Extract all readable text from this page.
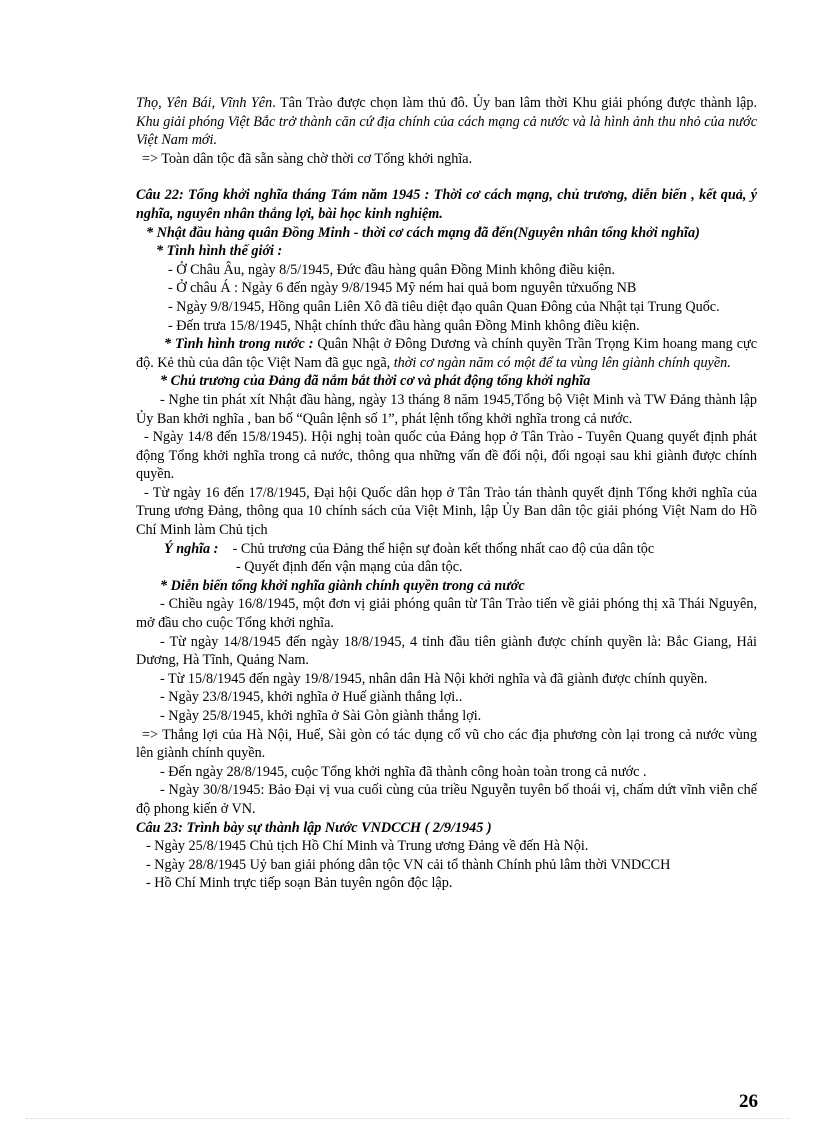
Thọ, Yên Bái, Vĩnh Yên. Tân Trào được chọn làm thủ đô. Ủy ban lâm thời Khu giải phóng được thành lập. Khu giải phóng Việt Bắc trở thành căn cứ địa chính của cách mạng cả nước và là hình ảnh thu nhỏ của nước Việt Nam mới.

=> Toàn dân tộc đã sẵn sàng chờ thời cơ Tổng khởi nghĩa.

Câu 22: Tổng khởi nghĩa tháng Tám năm 1945 : Thời cơ cách mạng, chủ trương, diễn biến , kết quả, ý nghĩa, nguyên nhân thắng lợi, bài học kinh nghiệm.

* Nhật đầu hàng quân Đồng Minh - thời cơ cách mạng đã đến(Nguyên nhân tổng khởi nghĩa)

* Tình hình thế giới :

- Ở Châu Âu, ngày 8/5/1945, Đức đầu hàng quân Đồng Minh không điều kiện.

- Ở châu Á : Ngày 6 đến ngày 9/8/1945 Mỹ ném hai quả bom nguyên tửxuống NB

- Ngày 9/8/1945, Hồng quân Liên Xô đã tiêu diệt đạo quân Quan Đông của Nhật tại Trung Quốc.

- Đến trưa 15/8/1945, Nhật chính thức đầu hàng quân Đồng Minh không điều kiện.

* Tình hình trong nước : Quân Nhật ở Đông Dương và chính quyền Trần Trọng Kim hoang mang cực độ. Kẻ thù của dân tộc Việt Nam đã gục ngã, thời cơ ngàn năm có một để ta vùng lên giành chính quyền.

* Chủ trương của Đảng đã nắm bắt thời cơ và phát động tổng khởi nghĩa

- Nghe tin phát xít Nhật đầu hàng, ngày 13 tháng 8 năm 1945,Tổng bộ Việt Minh và TW Đảng thành lập Ủy Ban khởi nghĩa , ban bố “Quân lệnh số 1”, phát lệnh tổng khởi nghĩa trong cả nước.

- Ngày 14/8 đến 15/8/1945). Hội nghị toàn quốc của Đảng họp ở Tân Trào - Tuyên Quang quyết định phát động Tổng khởi nghĩa trong cả nước, thông qua những vấn đề đối nội, đối ngoại sau khi giành được chính quyền.

- Từ ngày 16 đến 17/8/1945, Đại hội Quốc dân họp ở Tân Trào tán thành quyết định Tổng khởi nghĩa của Trung ương Đảng, thông qua 10 chính sách của Việt Minh, lập Ủy Ban dân tộc giải phóng Việt Nam do Hồ Chí Minh làm Chủ tịch

Ý nghĩa : - Chủ trương của Đảng thể hiện sự đoàn kết thống nhất cao độ của dân tộc

- Quyết định đến vận mạng của dân tộc.

* Diễn biến tổng khởi nghĩa giành chính quyền trong cả nước

- Chiều ngày 16/8/1945, một đơn vị giải phóng quân từ Tân Trào tiến về giải phóng thị xã Thái Nguyên, mở đầu cho cuộc Tổng khởi nghĩa.

- Từ ngày 14/8/1945 đến ngày 18/8/1945, 4 tỉnh đầu tiên giành được chính quyền là: Bắc Giang, Hải Dương, Hà Tĩnh, Quảng Nam.

- Từ 15/8/1945 đến ngày 19/8/1945, nhân dân Hà Nội khởi nghĩa và đã giành được chính quyền.

- Ngày 23/8/1945, khởi nghĩa ở Huế giành thắng lợi..

- Ngày 25/8/1945, khởi nghĩa ở Sài Gòn giành thắng lợi.

=> Thắng lợi của Hà Nội, Huế, Sài gòn có tác dụng cổ vũ cho các địa phương còn lại trong cả nước vùng lên giành chính quyền.

- Đến ngày 28/8/1945, cuộc Tổng khởi nghĩa đã thành công hoàn toàn trong cả nước .

- Ngày 30/8/1945: Bảo Đại vị vua cuối cùng của triều Nguyễn tuyên bố thoái vị, chấm dứt vĩnh viễn chế độ phong kiến ở VN.

Câu 23: Trình bày sự thành lập Nước VNDCCH ( 2/9/1945 )

- Ngày 25/8/1945 Chủ tịch Hồ Chí Minh và Trung ương Đảng về đến Hà Nội.

- Ngày 28/8/1945 Uỷ ban giải phóng dân tộc VN cải tổ thành Chính phủ lâm thời VNDCCH

- Hồ Chí Minh trực tiếp soạn Bản tuyên ngôn độc lập.

26
